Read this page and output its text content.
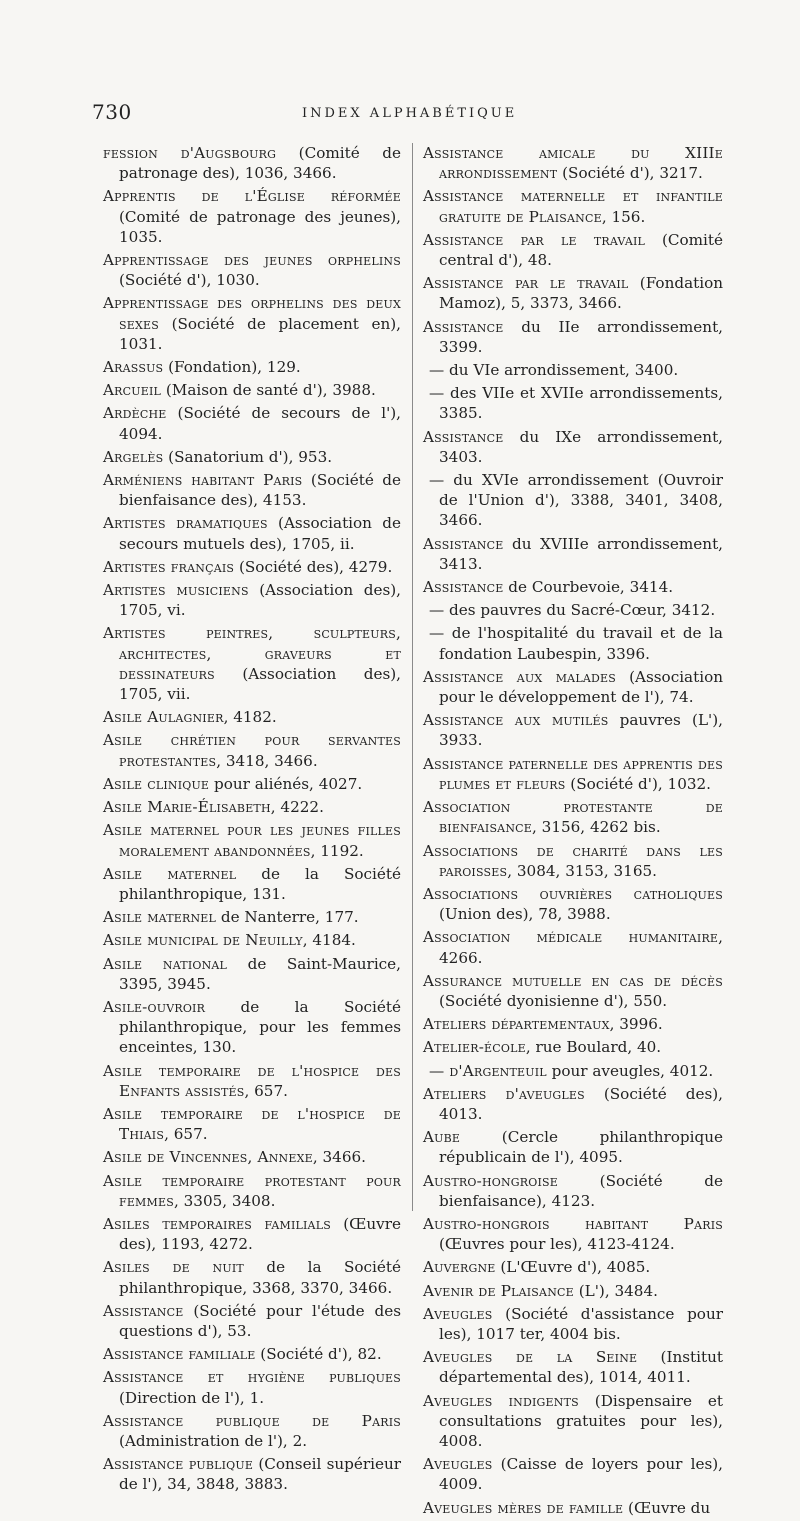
730	INDEX ALPHABÉTIQUE

fession d'Augsbourg (Comité de patronage des), 1036, 3466.

Apprentis de l'Église réformée (Comité de patronage des jeunes), 1035.

Apprentissage des jeunes orphelins (Société d'), 1030.

Apprentissage des orphelins des deux sexes (Société de placement en), 1031.

Arassus (Fondation), 129.

Arcueil (Maison de santé d'), 3988.

Ardèche (Société de secours de l'), 4094.

Argelès (Sanatorium d'), 953.

Arméniens habitant Paris (Société de bienfaisance des), 4153.

Artistes dramatiques (Association de secours mutuels des), 1705, ii.

Artistes français (Société des), 4279.

Artistes musiciens (Association des), 1705, vi.

Artistes peintres, sculpteurs, architectes, graveurs et dessinateurs (Association des), 1705, vii.

Asile Aulagnier, 4182.

Asile chrétien pour servantes protestantes, 3418, 3466.

Asile clinique pour aliénés, 4027.

Asile Marie-Élisabeth, 4222.

Asile maternel pour les jeunes filles moralement abandonnées, 1192.

Asile maternel de la Société philanthropique, 131.

Asile maternel de Nanterre, 177.

Asile municipal de Neuilly, 4184.

Asile national de Saint-Maurice, 3395, 3945.

Asile-ouvroir de la Société philanthropique, pour les femmes enceintes, 130.

Asile temporaire de l'hospice des Enfants assistés, 657.

Asile temporaire de l'hospice de Thiais, 657.

Asile de Vincennes, Annexe, 3466.

Asile temporaire protestant pour femmes, 3305, 3408.

Asiles temporaires familials (Œuvre des), 1193, 4272.

Asiles de nuit de la Société philanthropique, 3368, 3370, 3466.

Assistance (Société pour l'étude des questions d'), 53.

Assistance familiale (Société d'), 82.

Assistance et hygiène publiques (Direction de l'), 1.

Assistance publique de Paris (Administration de l'), 2.

Assistance publique (Conseil supérieur de l'), 34, 3848, 3883.

Assistance amicale du XIIIe arrondissement (Société d'), 3217.

Assistance maternelle et infantile gratuite de Plaisance, 156.

Assistance par le travail (Comité central d'), 48.

Assistance par le travail (Fondation Mamoz), 5, 3373, 3466.

Assistance du IIe arrondissement, 3399.

— du VIe arrondissement, 3400.

— des VIIe et XVIIe arrondissements, 3385.

Assistance du IXe arrondissement, 3403.

— du XVIe arrondissement (Ouvroir de l'Union d'), 3388, 3401, 3408, 3466.

Assistance du XVIIIe arrondissement, 3413.

Assistance de Courbevoie, 3414.

— des pauvres du Sacré-Cœur, 3412.

— de l'hospitalité du travail et de la fondation Laubespin, 3396.

Assistance aux malades (Association pour le développement de l'), 74.

Assistance aux mutilés pauvres (L'), 3933.

Assistance paternelle des apprentis des plumes et fleurs (Société d'), 1032.

Association protestante de bienfaisance, 3156, 4262 bis.

Associations de charité dans les paroisses, 3084, 3153, 3165.

Associations ouvrières catholiques (Union des), 78, 3988.

Association médicale humanitaire, 4266.

Assurance mutuelle en cas de décès (Société dyonisienne d'), 550.

Ateliers départementaux, 3996.

Atelier-école, rue Boulard, 40.

— d'Argenteuil pour aveugles, 4012.

Ateliers d'aveugles (Société des), 4013.

Aube (Cercle philanthropique républicain de l'), 4095.

Austro-hongroise (Société de bienfaisance), 4123.

Austro-hongrois habitant Paris (Œuvres pour les), 4123-4124.

Auvergne (L'Œuvre d'), 4085.

Avenir de Plaisance (L'), 3484.

Aveugles (Société d'assistance pour les), 1017 ter, 4004 bis.

Aveugles de la Seine (Institut départemental des), 1014, 4011.

Aveugles indigents (Dispensaire et consultations gratuites pour les), 4008.

Aveugles (Caisse de loyers pour les), 4009.

Aveugles mères de famille (Œuvre du
